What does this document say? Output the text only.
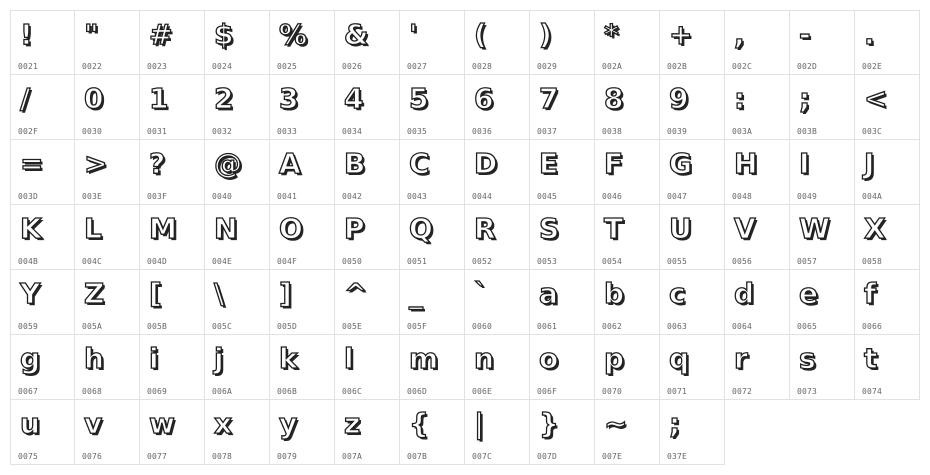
!
0021
"
0022
#
0023
$
0024
%
0025
&
0026
'
0027
(
0028
)
0029
*
002A
+
002B
,
002C
-
002D
.
002E
/
002F
0
0030
1
0031
2
0032
3
0033
4
0034
5
0035
6
0036
7
0037
8
0038
9
0039
:
003A
;
003B
<
003C
=
003D
>
003E
?
003F
@
0040
A
0041
B
0042
C
0043
D
0044
E
0045
F
0046
G
0047
H
0048
I
0049
J
004A
K
004B
L
004C
M
004D
N
004E
O
004F
P
0050
Q
0051
R
0052
S
0053
T
0054
U
0055
V
0056
W
0057
X
0058
Y
0059
Z
005A
[
005B
\
005C
]
005D
^
005E
_
005F
`
0060
a
0061
b
0062
c
0063
d
0064
e
0065
f
0066
g
0067
h
0068
i
0069
j
006A
k
006B
l
006C
m
006D
n
006E
o
006F
p
0070
q
0071
r
0072
s
0073
t
0074
u
0075
v
0076
w
0077
x
0078
y
0079
z
007A
{
007B
|
007C
}
007D
~
007E
;
037E
